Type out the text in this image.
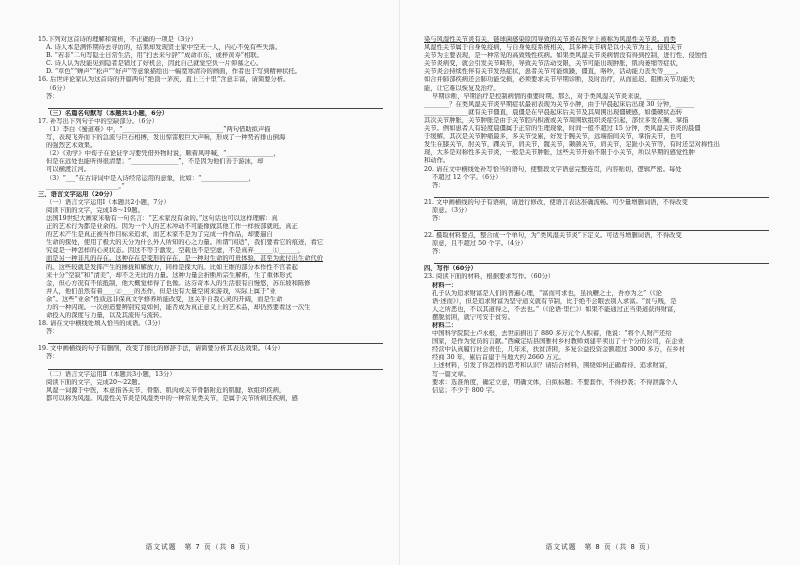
15.下列对这首诗的理解和赏析，不正确的一项是（3分）
A. 诗人本是满怀期待去寻访的，结果却发现贤士家中空无一人，内心不免有些失落。
B. “若非”二句写隐士日常生活，用“扫去来兮辞”“成命市东，或梓黄寿”相联。
C. 诗人认为没能见到隐者是错过了好机会，因此自己就觉空负一片仰慕之心。
D. “草色”“蝉声”“松声”“好声”等意象描绘出一幅宽寒清冷的画面，作者也于写到精神状托。
16. 后世评论家认为这首诗的开篇两句“绝顶一茅茨，直上三十里”含意丰富，请简要分析。
（6分）
答：
（三）名篇名句默写（本题共1小题，6分）
17. 补写出下列句子中的空缺部分。（6分）
（1）李白《蜀道难》中，“________________________________”两句借助拟声描
写，表现飞奔而下的急流与巨石相搏，发出惊雷般巨大声响，形成了一种势若排山倒海
的强烈艺术效果。
（2）《劝学》中荀子在论证学习要凭借外物时说，顺着风呼喊，“_______________，
但是在远处也能听得很清楚；“_______________”，不是因为他们善于游泳，却
可以横渡江河。
（3）“___”在古诗词中是入诗经常运用的意象，比如：“_______________，
_______________________。”
三、语言文字运用（20分）
（一）语言文字运用Ⅰ（本题共2小题，7分）
阅读下面的文字，完成18～19题。
法国19世纪大画家米勒有一句名言：“艺术家没有余的。”这句话也可以这样理解：真
正的艺术行为都是业余的。因为一个人的艺术冲动不可能像做其他工作一样按部就班。真正
的艺术产生是真正被当作目标来追求，而艺术家不是为了完成一件作品，却要逼自
生命的探处，使用了极大的天分为什么外人所知的心之力量。所谓“闲适”，我们要看它的痕迹，看它
究竟是一种怎样的心灵状态。因这不等于激发，空载也不是空虚，不是真弃______①______，
而是另一种非凡的存在。这种存在是变形的存在，是一种对生命的可贵体验，甚至为此付出生命代价
的。这些较就是发挥产生的掺拢和解放力，同样是探大的。比如王维的部分本作性不宫者起
来十分“空寂”和“清美”，却不乏无比的力量。这种力量会折断所宗生解析，生了重体形式
金，但心方况有不依抵制，他大概觉样得了也像。达芬奇本人的生活很有自慢悠，苏东坡和陈修
井人，他们虽然有着____②____的杰作，但是也有大量空闲来游戏，实际上属于“业
余”。这些“业余”性质远非保真文学修养所能改变，这关乎自我心灵的开阔，而是生命
力的一种闪现。一次创造要辨别究竟如何，能否成为真正意义上的艺术品，却仍然要看这一次生
命投入的深度与力量，以及其流传与流转。
18. 请在文中横线处填入恰当的成语。（3分）
答：
19. 文中画横线的句子有删削，改变了排比的修辞手法，请简要分析其表达效果。（4分）
答：
（二）语言文字运用Ⅱ（本题共3小题，13分）
阅读下面的文字，完成20～22题。
风湿一词源于中医，本意指各关节、骨骼、肌肉或关节骨骼附近的肌腱，软组织疾病，
都可以称为风湿。风湿性关节炎是风湿类中的一种常见类关节，是属于关节所病还疾病，感
语文试题　第 7 页（共 8 页）
染与风湿性关节炎有关，链球菌感染原因导致的关节炎在医学上被称为风湿性关节炎。而类
风湿性关节属于自身免疫病，与自身免疫系统相关，其多种关节病是以小关节为主，侵犯关节
关节为主要表现，是一种常见的高致残性疾病。如果类风湿关节炎病情没有得到控制，进行性、侵蚀性
关节炎病变，就会引发关节畸形，导致关节活动受限，关节可能出现肿胀，肌肉萎缩等症状，
关节炎会持续性伴有关节发热症状，患者关节可能烦躁，僵直，咯吵，活动能力丧失等____。
如合并肺部疾病还会肺功能受损，必须要求关节早期诊断，及时治疗，从而延迟、阻断关节功能失
能，让它难以恢复及治疗。
早期诊断，早期治疗是控制病情的重要时期。那么，对于类风湿关节炎来说，______
________？在类风湿关节炎早期症状最初表现为关节小肿，由于早晨起床后出现 30 分钟，______
______________就有关节僵直，晨僵是在早晨起床后关节及其周围出现僵硬感，如僵硬状态转
其次关节肿胀，关节肿胀是由于关节腔内积液或关节周围软组织炎症引起，部位多发在腕、掌指
关节。例如患者人有轻度晨僵属于正常的生理现象，时间一般不超过 15 分钟，类风湿关节炎的晨僵
于缓解，其次是关节肿痛最多，多关节受累，好发于腕关节，远端指间关节，掌指关节，也可
发生在膝关节，肘关节，踝关节，肩关节，髋关节，颞颌关节，肩关节，足趾小关节等，有时还呈对称性出
现，大多是对称性多关节炎，一般是关节肿胀，这些关节开始不限于小关节，所以早期的感觉性肿
和动作。
20. 请在文中横线处补写恰当的语句，使整段文字语意完整连贯，内容贴切，逻辑严密。每处
不超过 12 个字。（6分）
答：
21. 文中画横线的句子有语病，请进行修改，使语言表达准确流畅。可少量增删词语，不得改变
原意。（3分）
答：
22. 摄取材料要点，整合成一个单句，为“类风湿关节炎”下定义。可适当增删词语，不得改变
原意，且不超过 50 个字。（4分）
答：
四、写作（60分）
23. 阅读下面的材料，根据要求写作。（60分）
材料一：
孔子认为追求财富是人们的普遍心理，“富而可求也，虽执鞭之士，吾亦为之”（《论
语·述而》），但是追求财富为坚守道义就有节制，比于绝不会眠去别人求富。“贫与贱，是
人之所恶也，不以其道得之，不去也。”（《论语·里仁》）如果不能通过正当渠道获得财富，
摆脱贫困，就宁可安于贫穷。
材料二：
中国科学院院士卢永根，去世前捐出了 880 多万元个人积蓄，他说：“将个人财产还给
国家，是作为党员的言献。”西藏定结县国雅村乡村教师刘建平卖出了十个分的公司，在企业
经营中认真履行社会责任，几年来，扶贫济困，多复公益投资金额超过 3000 多万，在乡村
经商 30 年，累后首建于当地大约 2660 万元。
上述材料，引发了你怎样的思考和认识？请结合材料，围绕如何正确看待、追求财富，
写一篇文章。
要求：选准角度，确定立意，明确文体，自拟标题；不要套作，不得抄袭；不得泄露个人
信息；不少于 800 字。
语文试题　第 8 页（共 8 页）
